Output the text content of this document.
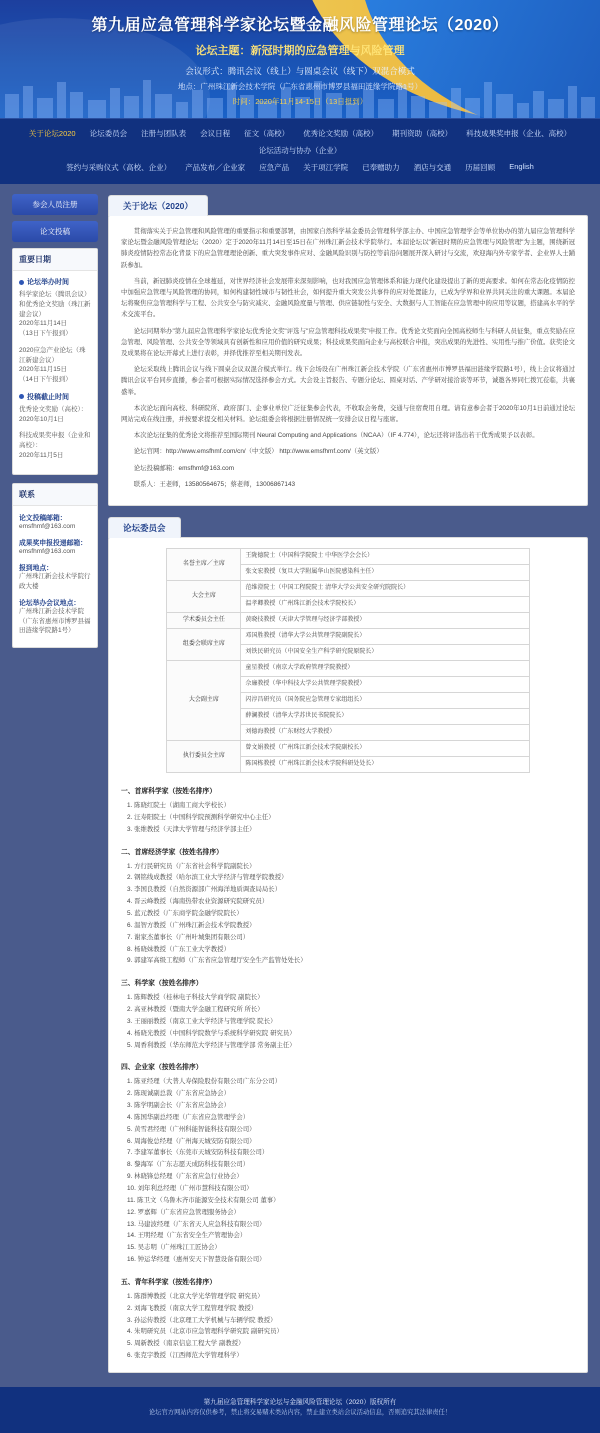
第九届应急管理科学家论坛暨金融风险管理论坛（2020）
论坛主题：新冠时期的应急管理与风险管理
会议形式：腾讯会议（线上）与圆桌会议（线下）双混合模式
地点：广州珠江新会技术学院（广东省惠州市博罗县福田涟缘学院路1号）
时间：2020年11月14-15日（13日报到）
关于论坛2020	论坛委员会	注册与团队表	会议日程	征文（高校）	优秀论文奖励（高校）	期刊资助（高校）	科技成果奖申报（企业、高校）
论坛活动与协办（企业）
签约与采购仪式（高校、企业）	产品发布／企业家	应急产品	关于项江学院	已奉赠助力	酒店与交通	历届回顾	English
参会人员注册
论文投稿
重要日期
论坛举办时间
科学家论坛（腾讯会议）和优秀论文奖励（珠江新建会议）
2020年11月14日
（13日下午报到）
2020应急产业论坛（珠江新建会议）
2020年11月15日
（14日下午报到）
投稿截止时间
优秀论文奖励（高校）：
2020年10月1日
科技成果奖申报（企业和高校）：
2020年11月5日
联系
论文投稿邮箱：
emsfhmf@163.com
成果奖申报投递邮箱：
emsfhmf@163.com
报到地点：
广州珠江新会技术学院行政大楼
论坛举办会议地点：
广州珠江新会技术学院 （广东省惠州市博罗县福田涟缘学院路1号）
关于论坛（2020）

贯彻落实关于应急管理和风险管理的重要指示和重要部署，由国家自然科学基金委员会管理科学部主办、中国应急管理学会等单位协办的第九届应急管理科学家论坛暨金融风险管理论坛（2020）定于2020年11月14日至15日在广州珠江新会技术学院举行。本届论坛以"新冠时期的应急管理与风险管理"为主题，围绕新冠肺炎疫情防控常态化背景下的应急管理理论创新、重大突发事件应对、金融风险识别与防控等前沿问题展开深入研讨与交流，欢迎海内外专家学者、企业界人士踊跃参加。

当前，新冠肺炎疫情在全球蔓延，对世界经济社会发展带来深刻影响，也对我国应急管理体系和能力现代化建设提出了新的更高要求。如何在常态化疫情防控中加强应急管理与风险管理的协同，如何构建韧性城市与韧性社会，如何提升重大突发公共事件的应对处置能力，已成为学界和业界共同关注的重大课题。本届论坛将聚焦应急管理科学与工程、公共安全与防灾减灾、金融风险度量与管理、供应链韧性与安全、大数据与人工智能在应急管理中的应用等议题，搭建高水平的学术交流平台。

论坛同期举办"第九届应急管理科学家论坛优秀论文奖"评选与"应急管理科技成果奖"申报工作。优秀论文奖面向全国高校师生与科研人员征集，重点奖励在应急管理、风险管理、公共安全等领域具有创新性和应用价值的研究成果；科技成果奖面向企业与高校联合申报，突出成果的先进性、实用性与推广价值。获奖论文及成果将在论坛开幕式上进行表彰，并择优推荐至相关期刊发表。

论坛采取线上腾讯会议与线下圆桌会议双混合模式举行。线下会场设在广州珠江新会技术学院（广东省惠州市博罗县福田涟缘学院路1号），线上会议将通过腾讯会议平台同步直播，参会者可根据实际情况选择参会方式。大会设主旨报告、专题分论坛、圆桌对话、产学研对接洽谈等环节，诚邀各界同仁拨冗莅临，共襄盛举。

本次论坛面向高校、科研院所、政府部门、企事业单位广泛征集参会代表，不收取会务费，交通与住宿费用自理。请有意参会者于2020年10月1日前通过论坛网站完成在线注册，并按要求提交相关材料。论坛组委会将根据注册情况统一安排会议日程与座席。

本次论坛征集的优秀论文将推荐至国际期刊 Neural Computing and Applications（NCAA）（IF 4.774），论坛还将评选出若干优秀成果予以表彰。

论坛官网：http://www.emsfhmf.com/cn/（中文版） http://www.emsfhmf.com/（英文版）

论坛投稿邮箱：emsfhmf@163.com

联系人：王老师，13580564675；蔡老师，13006867143

论坛委员会
名誉主席／主席	王陇德院士（中国科学院院士 中华医学会会长）
	张文宏教授（复旦大学附属华山医院感染科主任）
大会主席	范维澄院士（中国工程院院士 清华大学公共安全研究院院长）
	温孝卿教授（广州珠江新会技术学院校长）
学术委员会主任	黄晓技教授（天津大学管理与经济学部教授）
组委会联席主席	邓国胜教授（清华大学公共管理学院副院长）
	刘铁民研究员（中国安全生产科学研究院原院长）
大会副主席	童星教授（南京大学政府管理学院教授）
	佘廉教授（华中科技大学公共管理学院教授）
	闪淳昌研究员（国务院应急管理专家组组长）
	薛澜教授（清华大学苏世民书院院长）
	刘德海教授（广东财经大学教授）
执行委员会主席	曾文娟教授（广州珠江新会技术学院副校长）
	陈国栋教授（广州珠江新会技术学院科研处处长）
一、首席科学家（按姓名排序）
1. 陈晓红院士（湖南工商大学校长）
2. 汪寿阳院士（中国科学院预测科学研究中心主任）
3. 张维教授（天津大学管理与经济学部主任）
二、首席经济学家（按姓名排序）
1. 方行民研究员（广东省社会科学院副院长）
2. 钢铭线成教授（哈尔滨工业大学经济与管理学院教授）
3. 李国良教授（自然资源部广州海洋地质调查局局长）
4. 晋云峰教授（海南热带农业资源研究院研究员）
5. 蓝元教授（广东商学院金融学院院长）
6. 温智方教授（广州珠江新会技术学院教授）
7. 谢家杰董事长（广州叶城集团有限公司）
8. 杨晓妹教授（广东工业大学教授）
9. 郭建军高级工程师（广东省应急管理厅安全生产监管处处长）
三、科学家（按姓名排序）
1. 陈辉教授（桂林电子科技大学商学院 副院长）
2. 高亚林教授（暨南大学金融工程研究所 所长）
3. 王丽丽教授（南京工业大学经济与管理学院 院长）
4. 杨晓光教授（中国科学院数学与系统科学研究院 研究员）
5. 周香利教授（华东师范大学经济与管理学部 常务副主任）
四、企业家（按姓名排序）
1. 陈亚经理（大普人寿保险股份有限公司广东分公司）
2. 陈现诚副总裁（广东省应急协会）
3. 陈学明副会长（广东省应急协会）
4. 陈国华副总经理（广东省应急管理学会）
5. 黄雪君经理（广州科能智能科技有限公司）
6. 周海俊总经理（广州海天城安防有限公司）
7. 李建军董事长（东莞市天城安防科技有限公司）
8. 黎海军（广东志愿天成防科技有限公司）
9. 林晓锋总经理（广东省应急行业协会）
10. 刘年利总经理（广州市慧科技有限公司）
11. 陈卫文（乌鲁木齐市能源安全技术有限公司 董事）
12. 罗嘉辉（广东省应急管理服务协会）
13. 马建波经理（广东省天人应急科技有限公司）
14. 王明经理（广东省安全生产管理协会）
15. 吴志明（广州珠江工匠协会）
16. 钟运华经理（惠州安天下智慧设备有限公司）
五、青年科学家（按姓名排序）
1. 陈群博教授（北京大学光华管理学院 研究员）
2. 刘海飞教授（南京大学工程管理学院 教授）
3. 孙运传教授（北京理工大学机械与车辆学院 教授）
4. 朱明研究员（北京市应急管理科学研究院 副研究员）
5. 周新教授（南京信息工程大学 副教授）
6. 张克宇教授（江西师范大学管理科学）
第九届应急管理科学家论坛与金融风险管理论坛（2020）版权所有
论坛官方网站内容仅供参考，禁止将交易赌术类站内容，禁止建立类站会议活动信息，否则追究其法律责任！
